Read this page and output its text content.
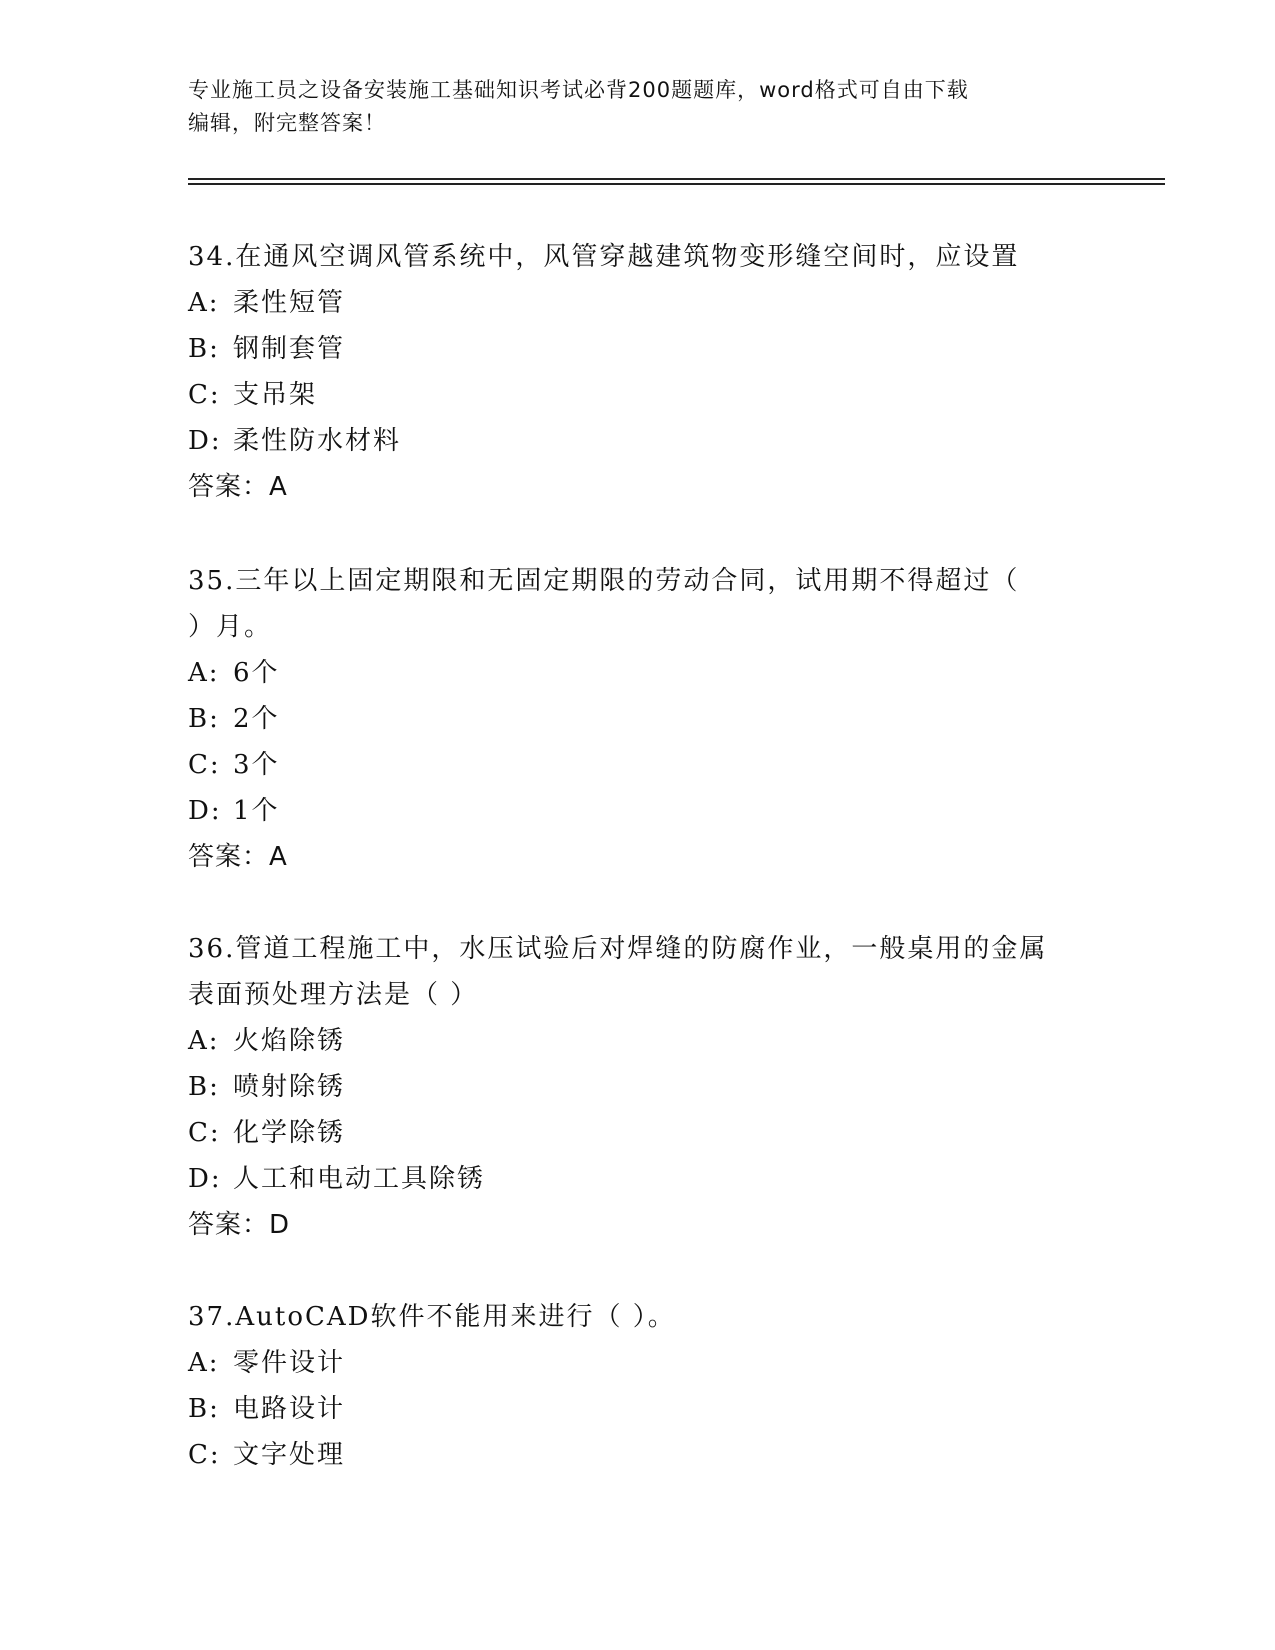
专业施工员之设备安装施工基础知识考试必背200题题库，word格式可自由下载
编辑，附完整答案！

34.在通风空调风管系统中，风管穿越建筑物变形缝空间时，应设置

A: 柔性短管

B: 钢制套管

C: 支吊架

D: 柔性防水材料

答案：A

35.三年以上固定期限和无固定期限的劳动合同，试用期不得超过（

）月。

A: 6个

B: 2个

C: 3个

D: 1个

答案：A

36.管道工程施工中，水压试验后对焊缝的防腐作业，一般桌用的金属

表面预处理方法是（ ）

A: 火焰除锈

B: 喷射除锈

C: 化学除锈

D: 人工和电动工具除锈

答案：D

37.AutoCAD软件不能用来进行（ ）。

A: 零件设计

B: 电路设计

C: 文字处理
